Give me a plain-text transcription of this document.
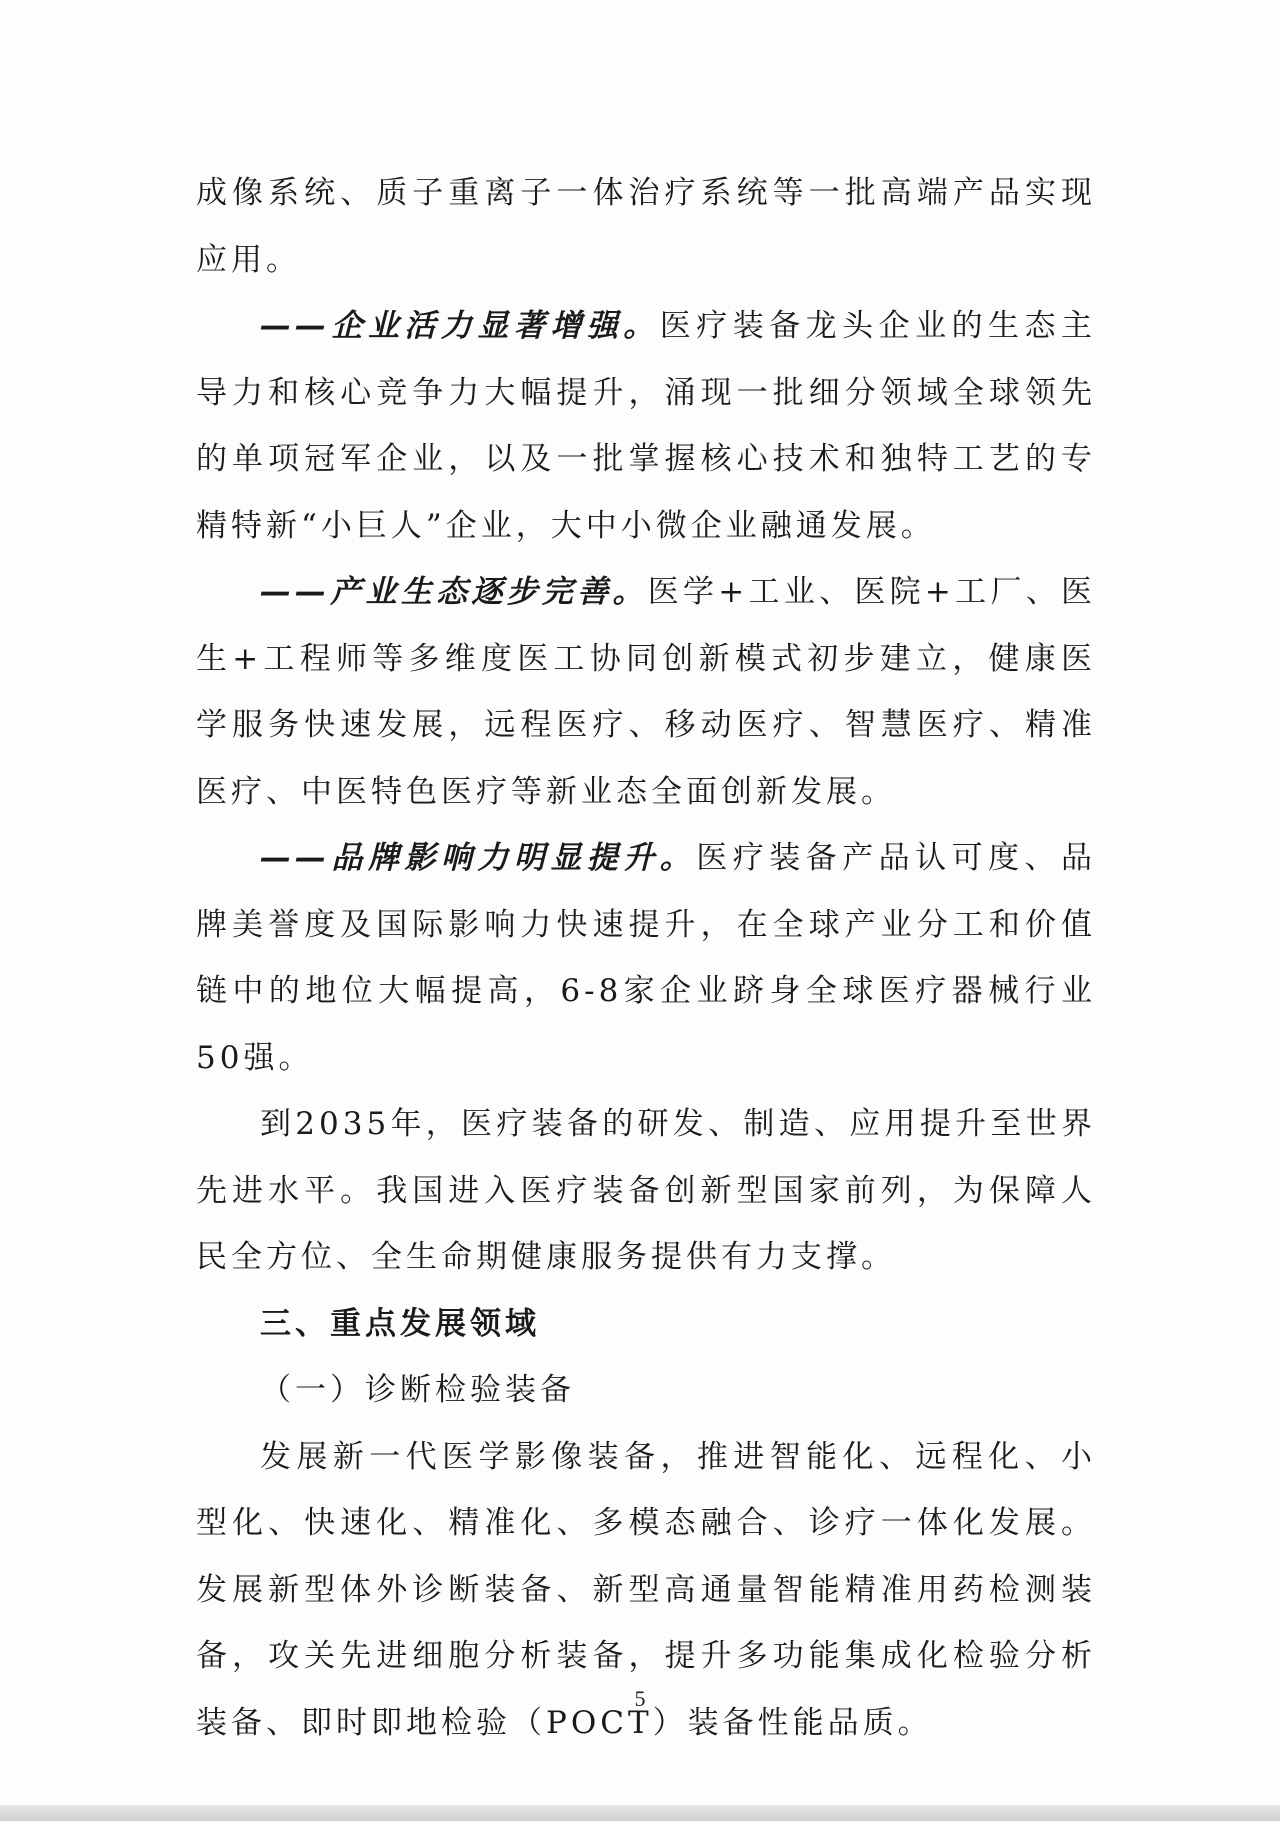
成像系统、质子重离子一体治疗系统等一批高端产品实现应用。

——企业活力显著增强。医疗装备龙头企业的生态主导力和核心竞争力大幅提升，涌现一批细分领域全球领先的单项冠军企业，以及一批掌握核心技术和独特工艺的专精特新“小巨人”企业，大中小微企业融通发展。

——产业生态逐步完善。医学+工业、医院+工厂、医生+工程师等多维度医工协同创新模式初步建立，健康医学服务快速发展，远程医疗、移动医疗、智慧医疗、精准医疗、中医特色医疗等新业态全面创新发展。

——品牌影响力明显提升。医疗装备产品认可度、品牌美誉度及国际影响力快速提升，在全球产业分工和价值链中的地位大幅提高，6-8家企业跻身全球医疗器械行业50强。

到2035年，医疗装备的研发、制造、应用提升至世界先进水平。我国进入医疗装备创新型国家前列，为保障人民全方位、全生命期健康服务提供有力支撑。

三、重点发展领域

（一）诊断检验装备

发展新一代医学影像装备，推进智能化、远程化、小型化、快速化、精准化、多模态融合、诊疗一体化发展。发展新型体外诊断装备、新型高通量智能精准用药检测装备，攻关先进细胞分析装备，提升多功能集成化检验分析装备、即时即地检验（POCT）装备性能品质。

5
